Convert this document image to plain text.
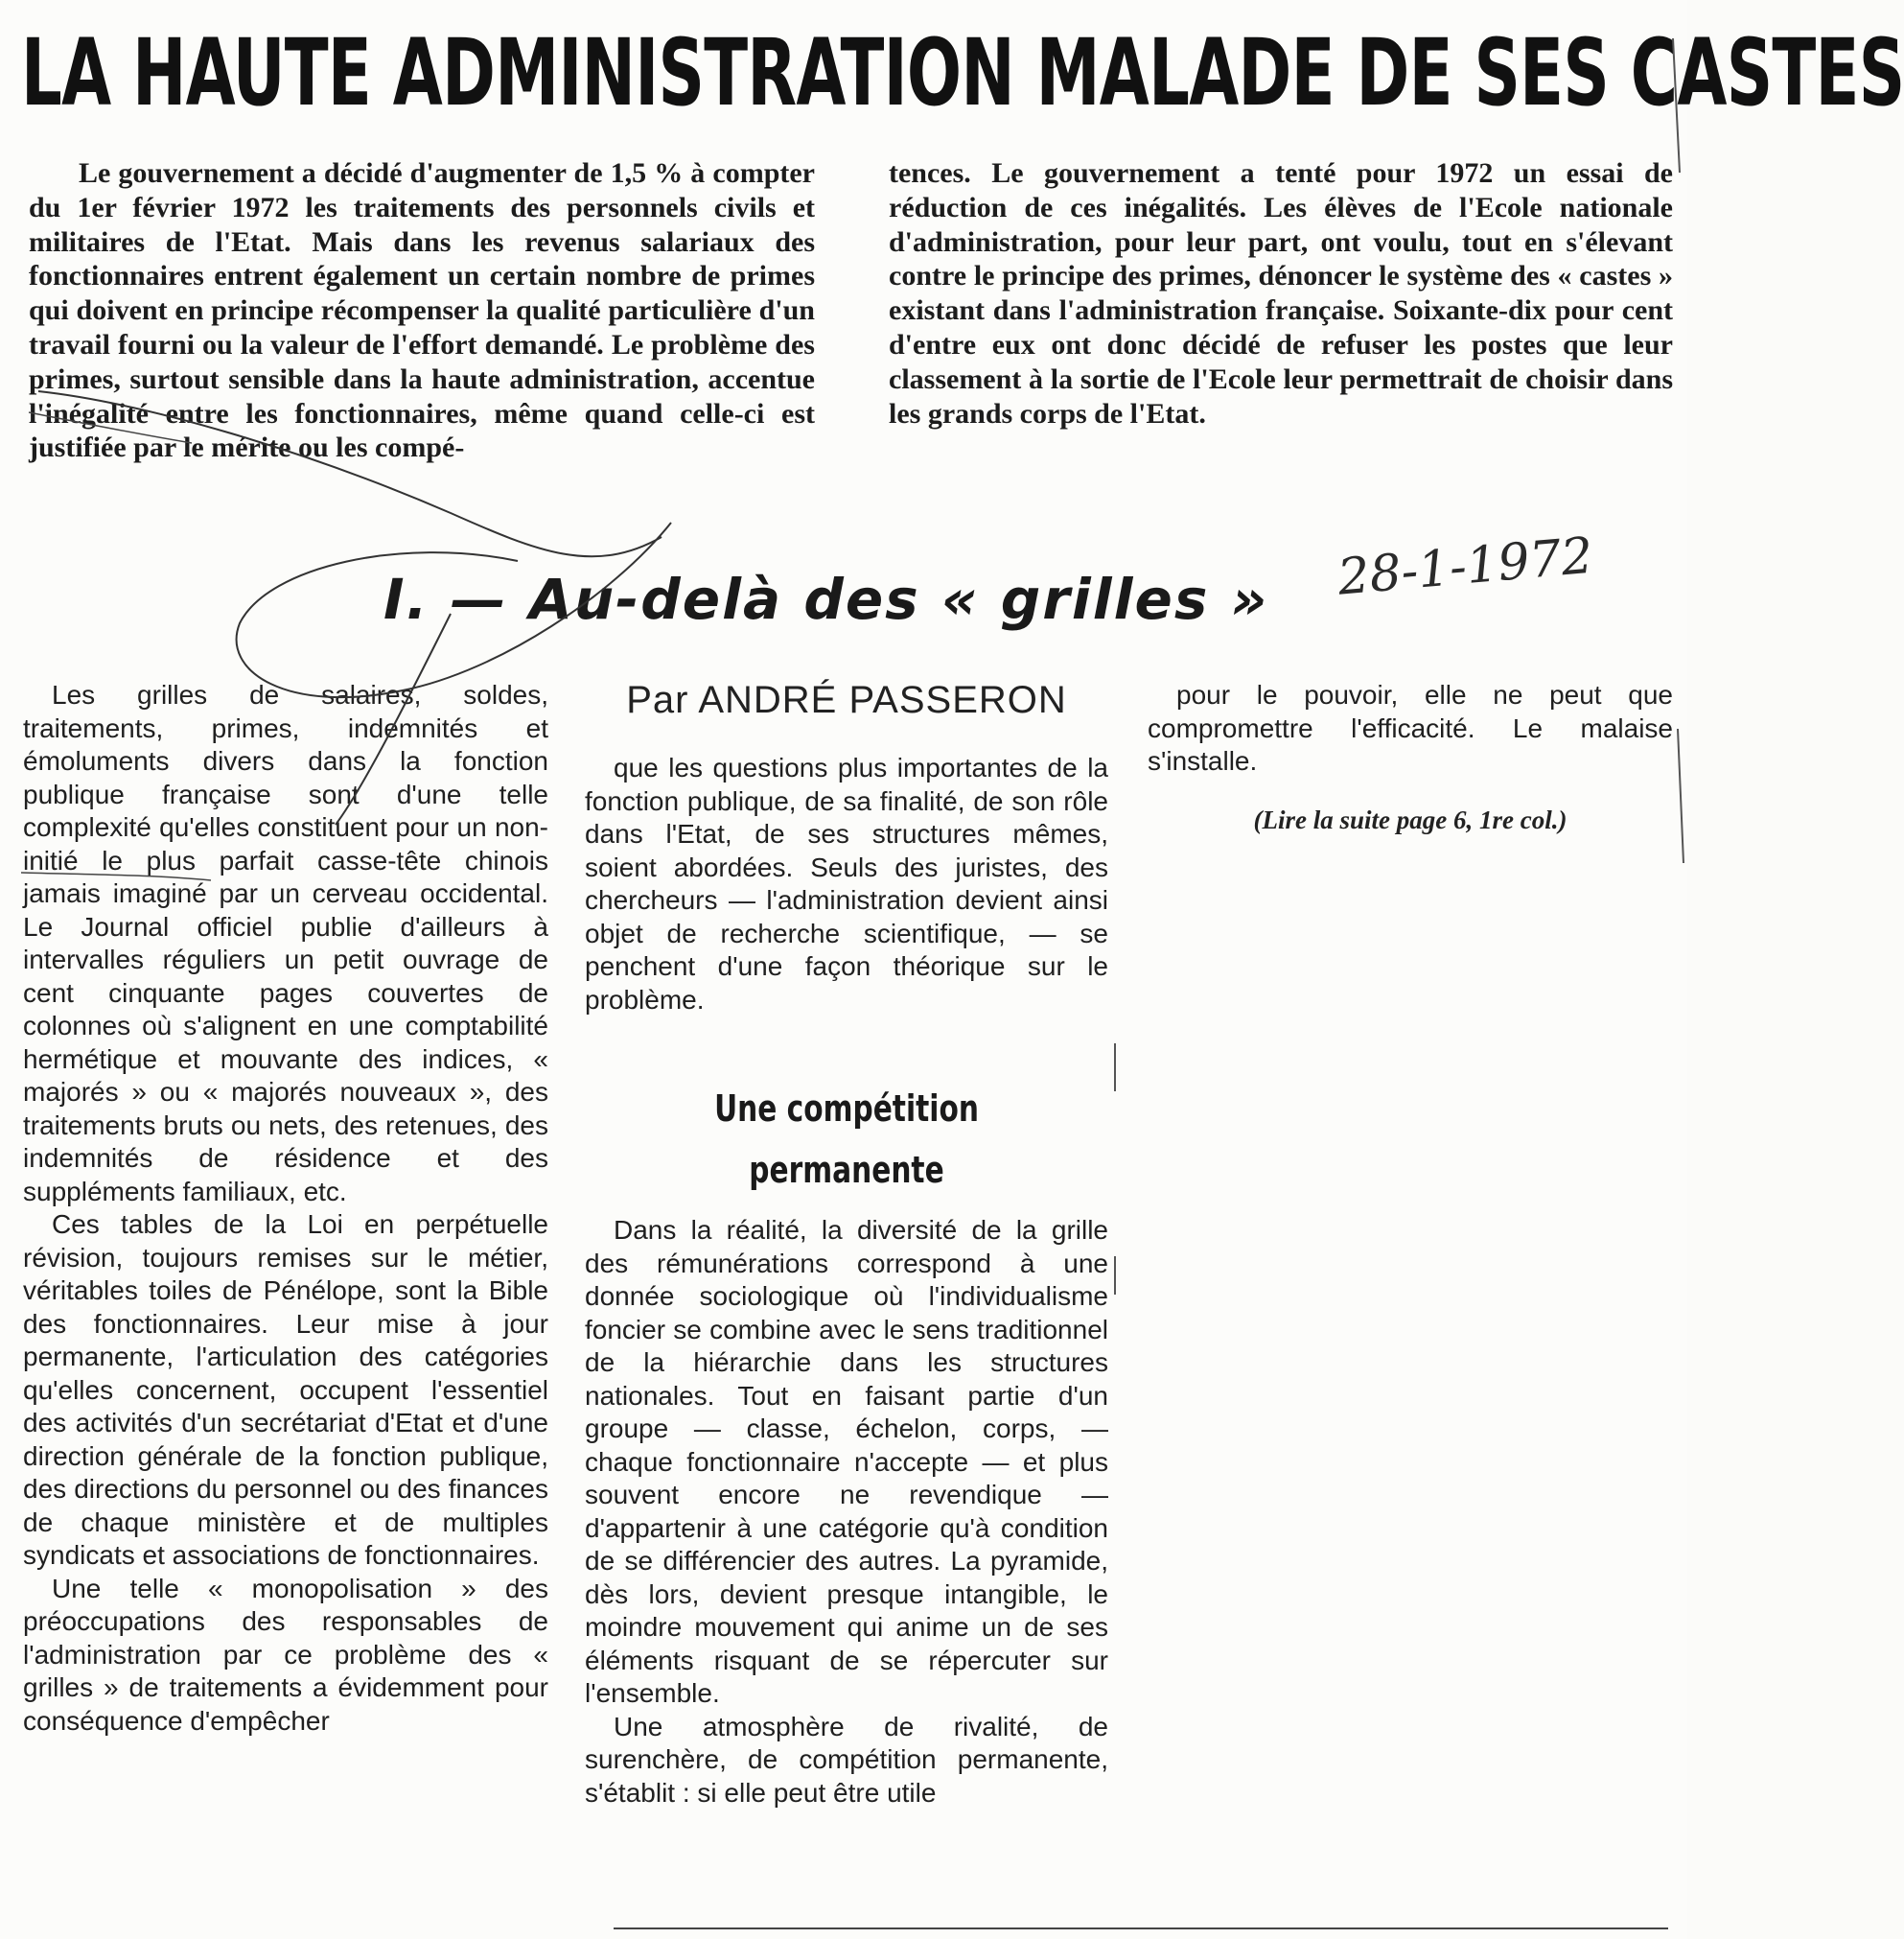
LA HAUTE ADMINISTRATION MALADE DE SES CASTES

Le gouvernement a décidé d'augmenter de 1,5 % à compter du 1er février 1972 les traitements des personnels civils et militaires de l'Etat. Mais dans les revenus salariaux des fonctionnaires entrent également un certain nombre de primes qui doivent en principe récompenser la qualité particulière d'un travail fourni ou la valeur de l'effort demandé. Le problème des primes, surtout sensible dans la haute administration, accentue l'inégalité entre les fonctionnaires, même quand celle-ci est justifiée par le mérite ou les compé-

tences. Le gouvernement a tenté pour 1972 un essai de réduction de ces inégalités. Les élèves de l'Ecole nationale d'administration, pour leur part, ont voulu, tout en s'élevant contre le principe des primes, dénoncer le système des « castes » existant dans l'administration française. Soixante-dix pour cent d'entre eux ont donc décidé de refuser les postes que leur classement à la sortie de l'Ecole leur permettrait de choisir dans les grands corps de l'Etat.

I. — Au-delà des « grilles »	28-1-1972

Les grilles de salaires, soldes, traitements, primes, indemnités et émoluments divers dans la fonction publique française sont d'une telle complexité qu'elles constituent pour un non-initié le plus parfait casse-tête chinois jamais imaginé par un cerveau occidental. Le Journal officiel publie d'ailleurs à intervalles réguliers un petit ouvrage de cent cinquante pages couvertes de colonnes où s'alignent en une comptabilité hermétique et mouvante des indices, « majorés » ou « majorés nouveaux », des traitements bruts ou nets, des retenues, des indemnités de résidence et des suppléments familiaux, etc.

Ces tables de la Loi en perpétuelle révision, toujours remises sur le métier, véritables toiles de Pénélope, sont la Bible des fonctionnaires. Leur mise à jour permanente, l'articulation des catégories qu'elles concernent, occupent l'essentiel des activités d'un secrétariat d'Etat et d'une direction générale de la fonction publique, des directions du personnel ou des finances de chaque ministère et de multiples syndicats et associations de fonctionnaires.

Une telle « monopolisation » des préoccupations des responsables de l'administration par ce problème des « grilles » de traitements a évidemment pour conséquence d'empêcher

Par ANDRÉ PASSERON

que les questions plus importantes de la fonction publique, de sa finalité, de son rôle dans l'Etat, de ses structures mêmes, soient abordées. Seuls des juristes, des chercheurs — l'administration devient ainsi objet de recherche scientifique, — se penchent d'une façon théorique sur le problème.

Une compétition
permanente

Dans la réalité, la diversité de la grille des rémunérations correspond à une donnée sociologique où l'individualisme foncier se combine avec le sens traditionnel de la hiérarchie dans les structures nationales. Tout en faisant partie d'un groupe — classe, échelon, corps, — chaque fonctionnaire n'accepte — et plus souvent encore ne revendique — d'appartenir à une catégorie qu'à condition de se différencier des autres. La pyramide, dès lors, devient presque intangible, le moindre mouvement qui anime un de ses éléments risquant de se répercuter sur l'ensemble.

Une atmosphère de rivalité, de surenchère, de compétition permanente, s'établit : si elle peut être utile

pour le pouvoir, elle ne peut que compromettre l'efficacité. Le malaise s'installe.

(Lire la suite page 6, 1re col.)
